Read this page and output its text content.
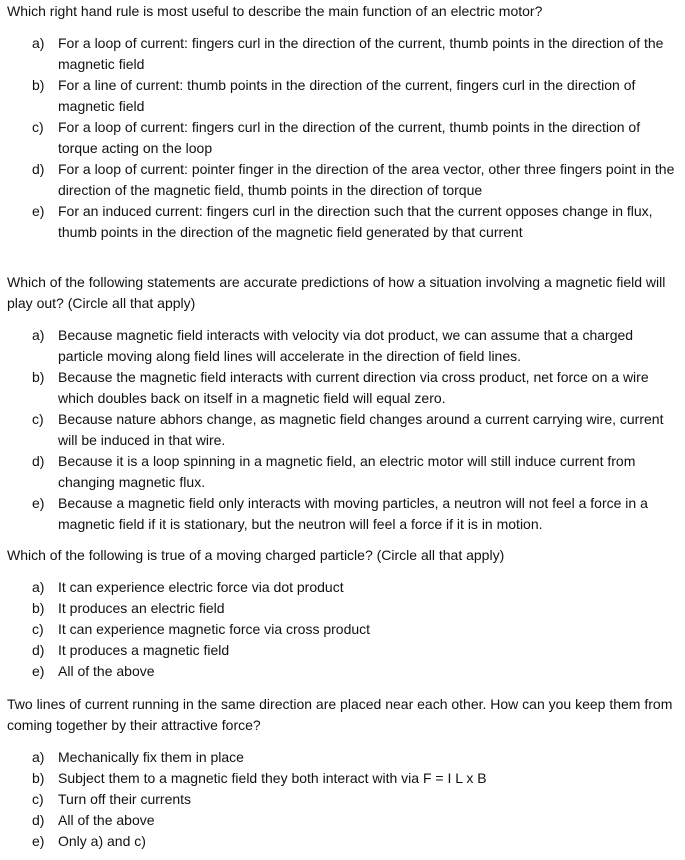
Which right hand rule is most useful to describe the main function of an electric motor?

a) For a loop of current: fingers curl in the direction of the current, thumb points in the direction of the magnetic field
b) For a line of current: thumb points in the direction of the current, fingers curl in the direction of magnetic field
c)	For a loop of current: fingers curl in the direction of the current, thumb points in the direction of torque acting on the loop
d) For a loop of current: pointer finger in the direction of the area vector, other three fingers point in the direction of the magnetic field, thumb points in the direction of torque
e) For an induced current: fingers curl in the direction such that the current opposes change in flux, thumb points in the direction of the magnetic field generated by that current

Which of the following statements are accurate predictions of how a situation involving a magnetic field will play out? (Circle all that apply)

a) Because magnetic field interacts with velocity via dot product, we can assume that a charged particle moving along field lines will accelerate in the direction of field lines.
b) Because the magnetic field interacts with current direction via cross product, net force on a wire which doubles back on itself in a magnetic field will equal zero.
c)	Because nature abhors change, as magnetic field changes around a current carrying wire, current will be induced in that wire.
d) Because it is a loop spinning in a magnetic field, an electric motor will still induce current from changing magnetic flux.
e) Because a magnetic field only interacts with moving particles, a neutron will not feel a force in a magnetic field if it is stationary, but the neutron will feel a force if it is in motion.

Which of the following is true of a moving charged particle? (Circle all that apply)

a) It can experience electric force via dot product
b) It produces an electric field
c)	It can experience magnetic force via cross product
d) It produces a magnetic field
e) All of the above

Two lines of current running in the same direction are placed near each other. How can you keep them from coming together by their attractive force?

a) Mechanically fix them in place
b) Subject them to a magnetic field they both interact with via F = I L x B
c)	Turn off their currents
d) All of the above
e) Only a) and c)
